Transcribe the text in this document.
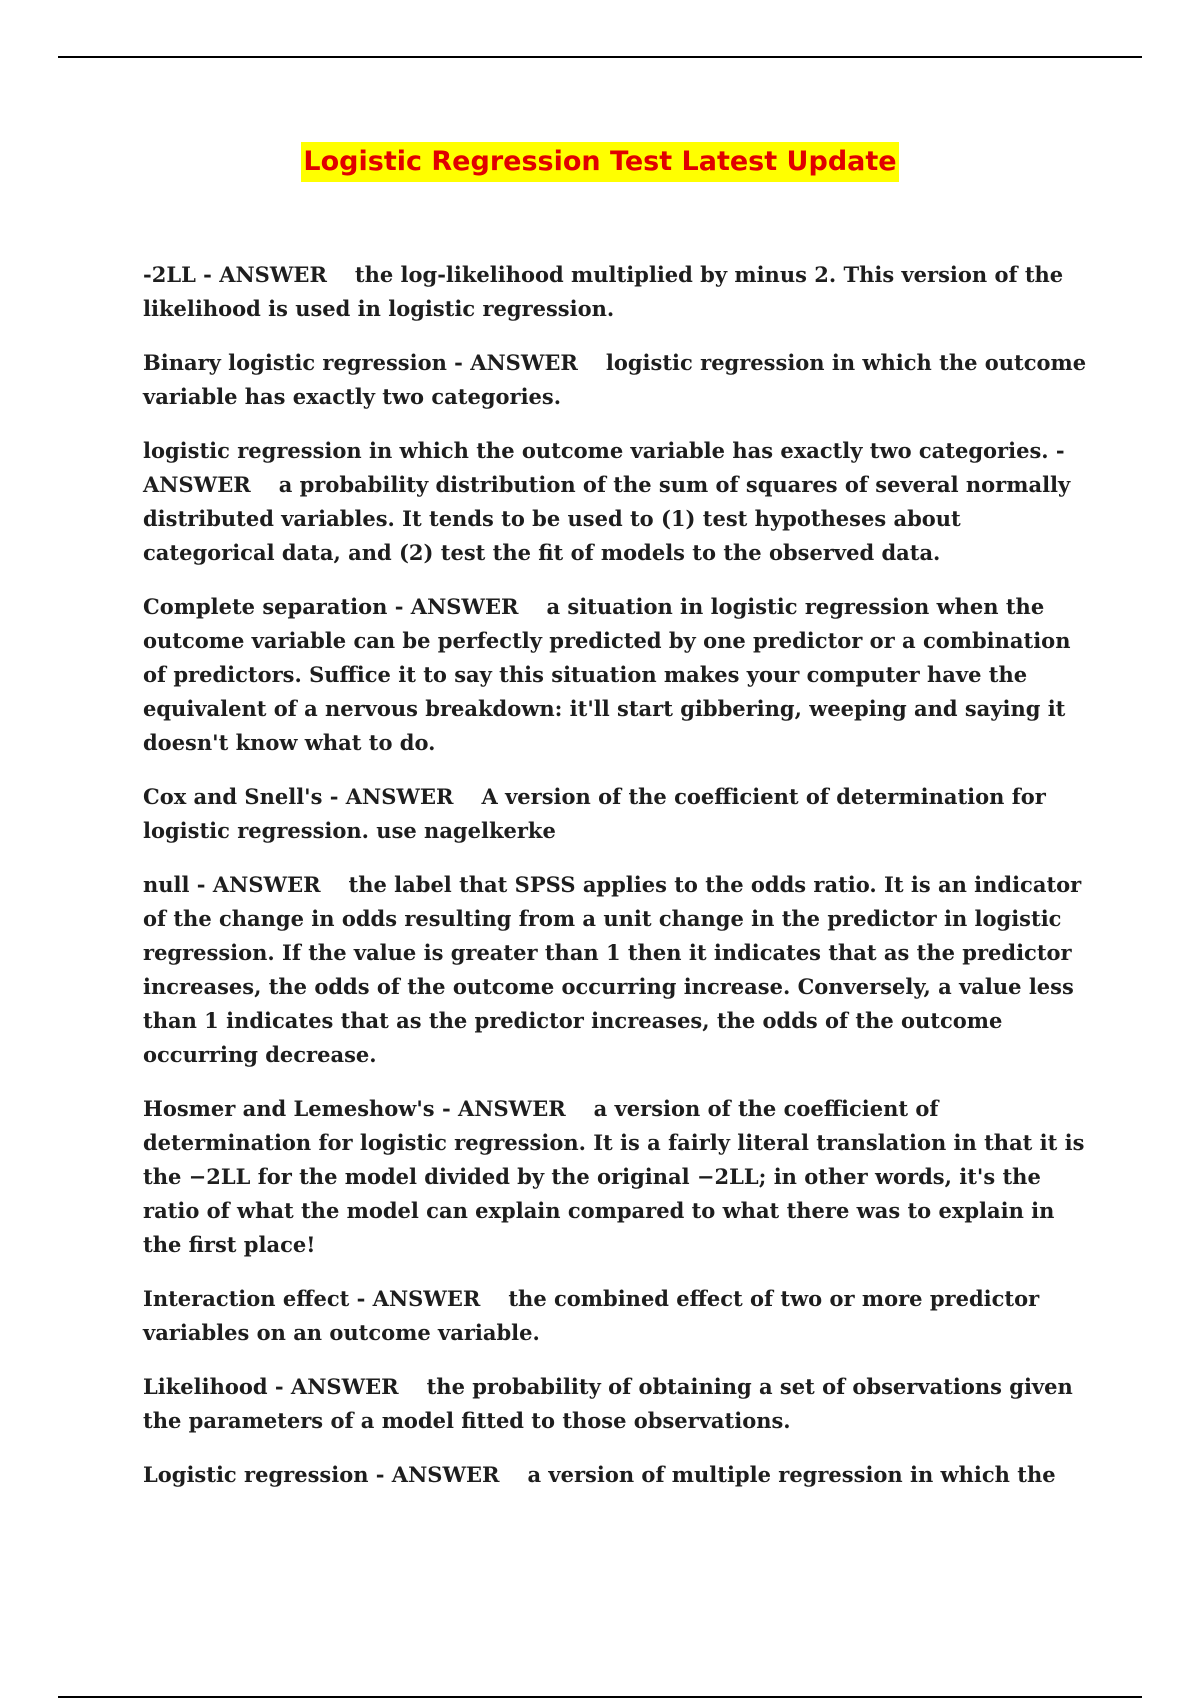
Logistic Regression Test Latest Update

-2LL - ANSWER the log-likelihood multiplied by minus 2. This version of the likelihood is used in logistic regression.

Binary logistic regression - ANSWER logistic regression in which the outcome variable has exactly two categories.

logistic regression in which the outcome variable has exactly two categories. - ANSWER a probability distribution of the sum of squares of several normally distributed variables. It tends to be used to (1) test hypotheses about categorical data, and (2) test the fit of models to the observed data.

Complete separation - ANSWER a situation in logistic regression when the outcome variable can be perfectly predicted by one predictor or a combination of predictors. Suffice it to say this situation makes your computer have the equivalent of a nervous breakdown: it'll start gibbering, weeping and saying it doesn't know what to do.

Cox and Snell's - ANSWER A version of the coefficient of determination for logistic regression. use nagelkerke

null - ANSWER the label that SPSS applies to the odds ratio. It is an indicator of the change in odds resulting from a unit change in the predictor in logistic regression. If the value is greater than 1 then it indicates that as the predictor increases, the odds of the outcome occurring increase. Conversely, a value less than 1 indicates that as the predictor increases, the odds of the outcome occurring decrease.

Hosmer and Lemeshow's - ANSWER a version of the coefficient of determination for logistic regression. It is a fairly literal translation in that it is the −2LL for the model divided by the original −2LL; in other words, it's the ratio of what the model can explain compared to what there was to explain in the first place!

Interaction effect - ANSWER the combined effect of two or more predictor variables on an outcome variable.

Likelihood - ANSWER the probability of obtaining a set of observations given the parameters of a model fitted to those observations.

Logistic regression - ANSWER a version of multiple regression in which the
